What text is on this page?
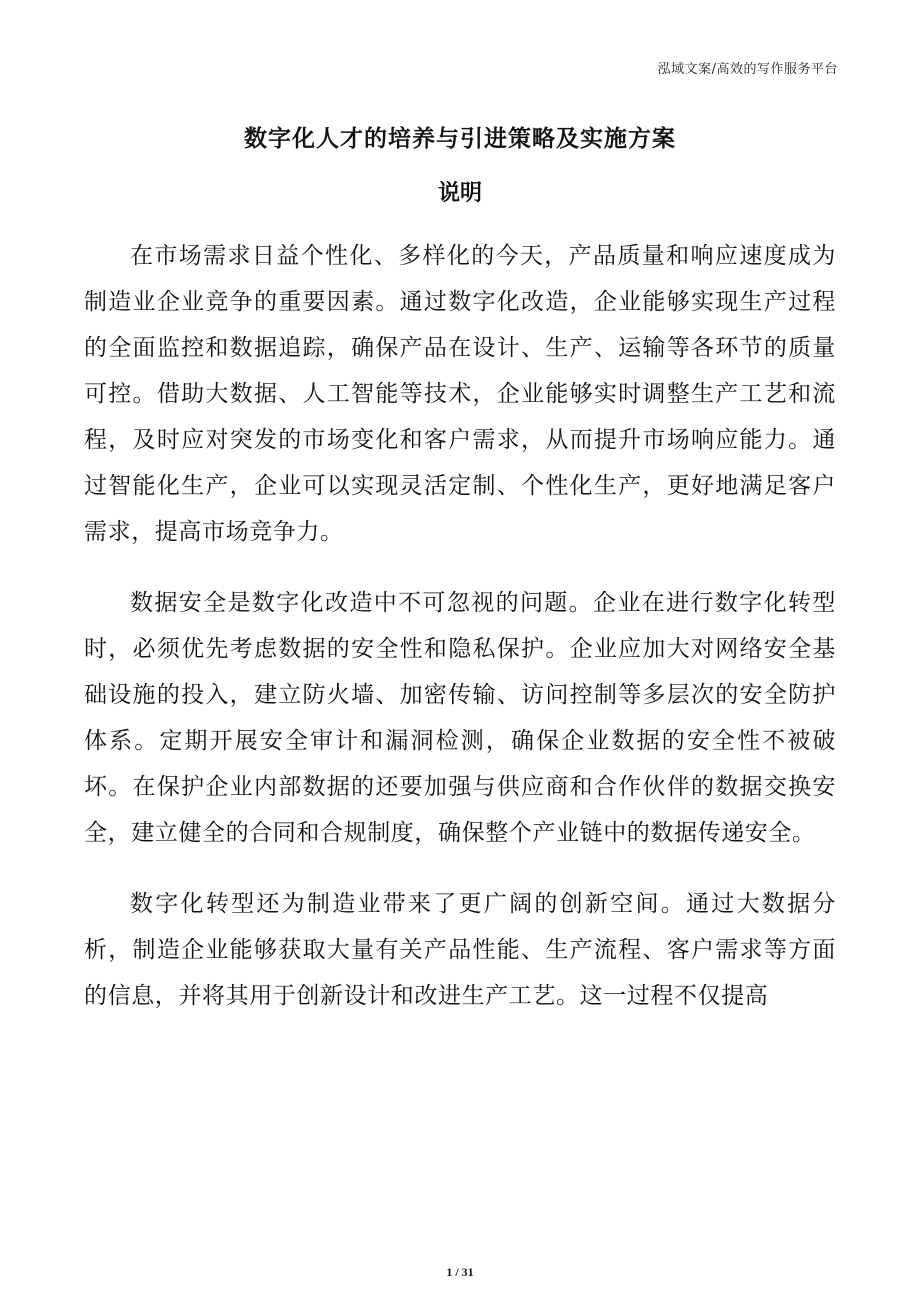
泓域文案/高效的写作服务平台
数字化人才的培养与引进策略及实施方案
说明

在市场需求日益个性化、多样化的今天，产品质量和响应速度成为制造业企业竞争的重要因素。通过数字化改造，企业能够实现生产过程的全面监控和数据追踪，确保产品在设计、生产、运输等各环节的质量可控。借助大数据、人工智能等技术，企业能够实时调整生产工艺和流程，及时应对突发的市场变化和客户需求，从而提升市场响应能力。通过智能化生产，企业可以实现灵活定制、个性化生产，更好地满足客户需求，提高市场竞争力。

数据安全是数字化改造中不可忽视的问题。企业在进行数字化转型时，必须优先考虑数据的安全性和隐私保护。企业应加大对网络安全基础设施的投入，建立防火墙、加密传输、访问控制等多层次的安全防护体系。定期开展安全审计和漏洞检测，确保企业数据的安全性不被破坏。在保护企业内部数据的还要加强与供应商和合作伙伴的数据交换安全，建立健全的合同和合规制度，确保整个产业链中的数据传递安全。

数字化转型还为制造业带来了更广阔的创新空间。通过大数据分析，制造企业能够获取大量有关产品性能、生产流程、客户需求等方面的信息，并将其用于创新设计和改进生产工艺。这一过程不仅提高

1 / 31
